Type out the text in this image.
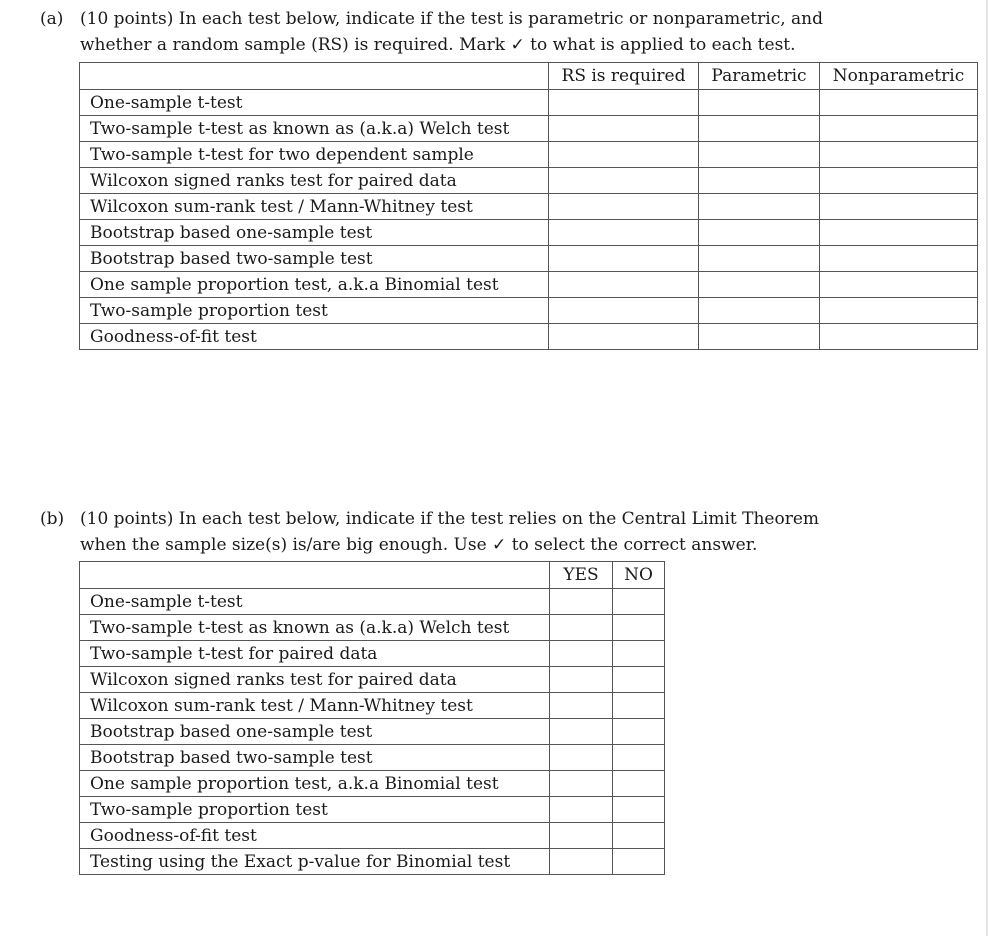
(a) (10 points) In each test below, indicate if the test is parametric or nonparametric, and
whether a random sample (RS) is required. Mark ✓ to what is applied to each test.
	RS is required	Parametric	Nonparametric
One-sample t-test			
Two-sample t-test as known as (a.k.a) Welch test			
Two-sample t-test for two dependent sample			
Wilcoxon signed ranks test for paired data			
Wilcoxon sum-rank test / Mann-Whitney test			
Bootstrap based one-sample test			
Bootstrap based two-sample test			
One sample proportion test, a.k.a Binomial test			
Two-sample proportion test			
Goodness-of-fit test			
(b) (10 points) In each test below, indicate if the test relies on the Central Limit Theorem
when the sample size(s) is/are big enough. Use ✓ to select the correct answer.
	YES	NO
One-sample t-test		
Two-sample t-test as known as (a.k.a) Welch test		
Two-sample t-test for paired data		
Wilcoxon signed ranks test for paired data		
Wilcoxon sum-rank test / Mann-Whitney test		
Bootstrap based one-sample test		
Bootstrap based two-sample test		
One sample proportion test, a.k.a Binomial test		
Two-sample proportion test		
Goodness-of-fit test		
Testing using the Exact p-value for Binomial test		
